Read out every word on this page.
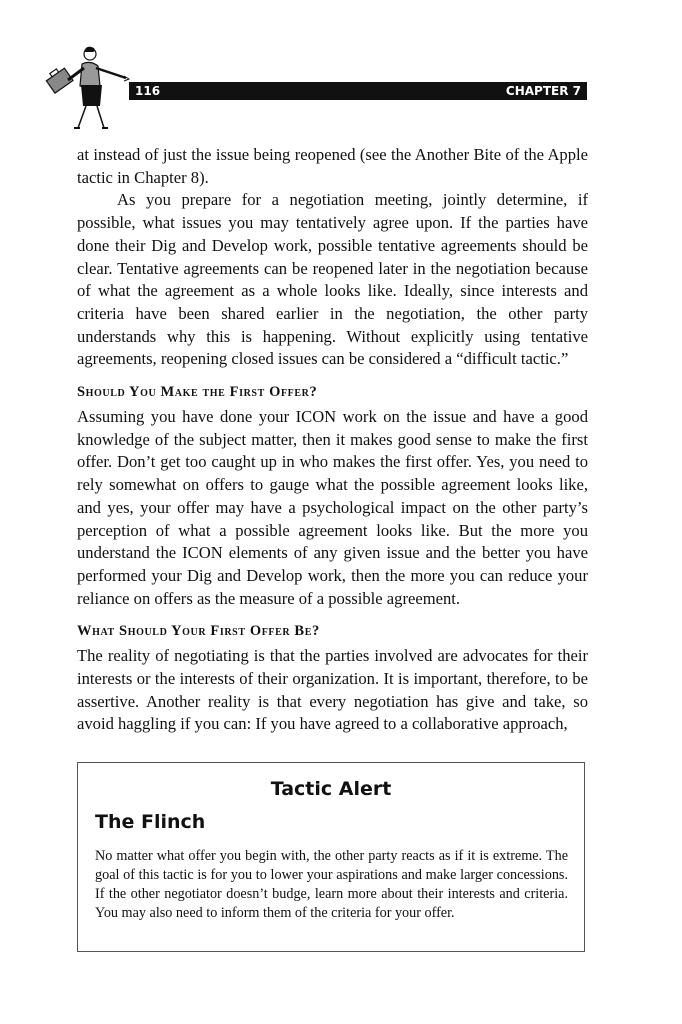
116	CHAPTER 7

at instead of just the issue being reopened (see the Another Bite of the Apple tactic in Chapter 8).

As you prepare for a negotiation meeting, jointly determine, if possible, what issues you may tentatively agree upon. If the parties have done their Dig and Develop work, possible tentative agreements should be clear. Tentative agreements can be reopened later in the negotiation because of what the agreement as a whole looks like. Ideally, since interests and criteria have been shared earlier in the negotiation, the other party understands why this is happening. Without explicitly using tentative agreements, reopening closed issues can be considered a “difficult tactic.”

Should You Make the First Offer?

Assuming you have done your ICON work on the issue and have a good knowledge of the subject matter, then it makes good sense to make the first offer. Don’t get too caught up in who makes the first offer. Yes, you need to rely somewhat on offers to gauge what the possible agreement looks like, and yes, your offer may have a psychological impact on the other party’s perception of what a possible agreement looks like. But the more you understand the ICON elements of any given issue and the better you have performed your Dig and Develop work, then the more you can reduce your reliance on offers as the measure of a possible agreement.

What Should Your First Offer Be?

The reality of negotiating is that the parties involved are advocates for their interests or the interests of their organization. It is important, therefore, to be assertive. Another reality is that every negotiation has give and take, so avoid haggling if you can: If you have agreed to a collaborative approach,

Tactic Alert
The Flinch

No matter what offer you begin with, the other party reacts as if it is extreme. The goal of this tactic is for you to lower your aspirations and make larger concessions. If the other negotiator doesn’t budge, learn more about their interests and criteria. You may also need to inform them of the criteria for your offer.
